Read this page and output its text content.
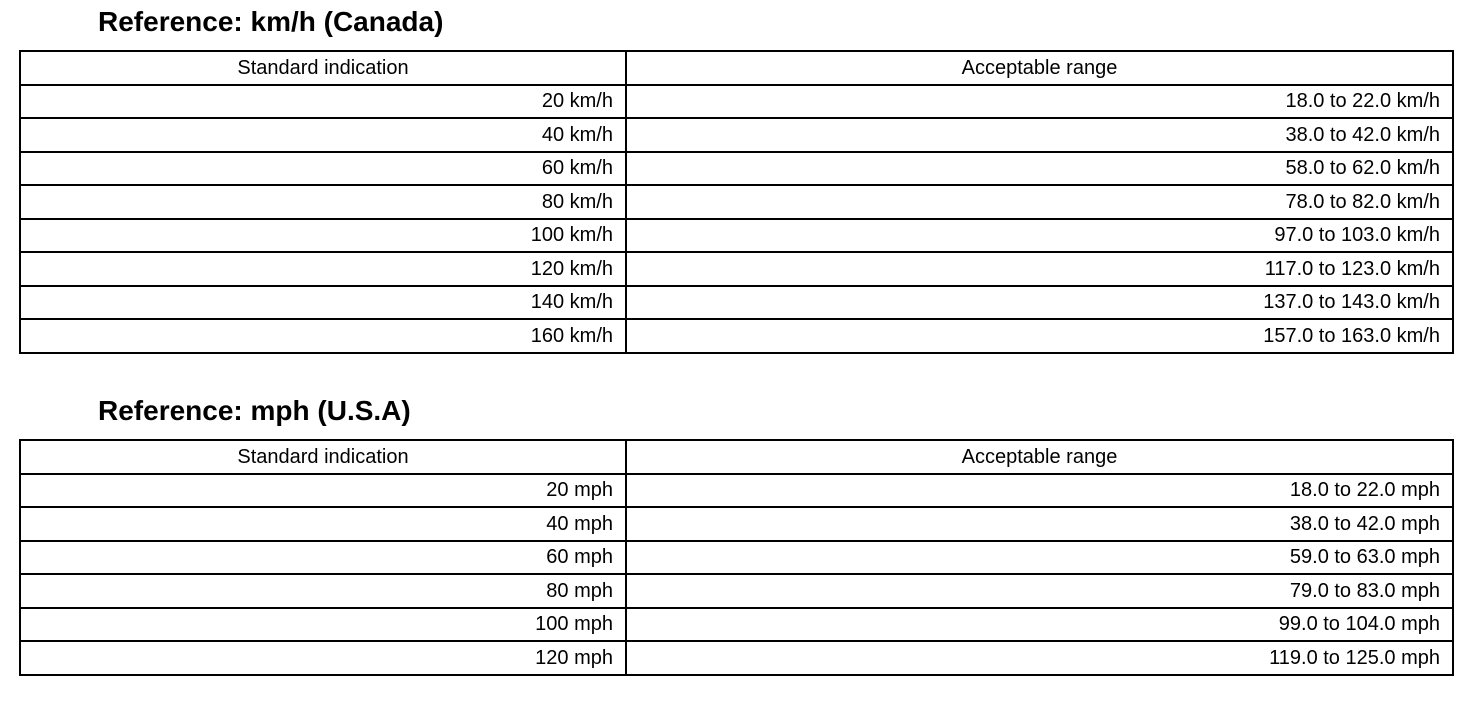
Reference: km/h (Canada)
Standard indication	Acceptable range
20 km/h	18.0 to 22.0 km/h
40 km/h	38.0 to 42.0 km/h
60 km/h	58.0 to 62.0 km/h
80 km/h	78.0 to 82.0 km/h
100 km/h	97.0 to 103.0 km/h
120 km/h	117.0 to 123.0 km/h
140 km/h	137.0 to 143.0 km/h
160 km/h	157.0 to 163.0 km/h
Reference: mph (U.S.A)
Standard indication	Acceptable range
20 mph	18.0 to 22.0 mph
40 mph	38.0 to 42.0 mph
60 mph	59.0 to 63.0 mph
80 mph	79.0 to 83.0 mph
100 mph	99.0 to 104.0 mph
120 mph	119.0 to 125.0 mph
